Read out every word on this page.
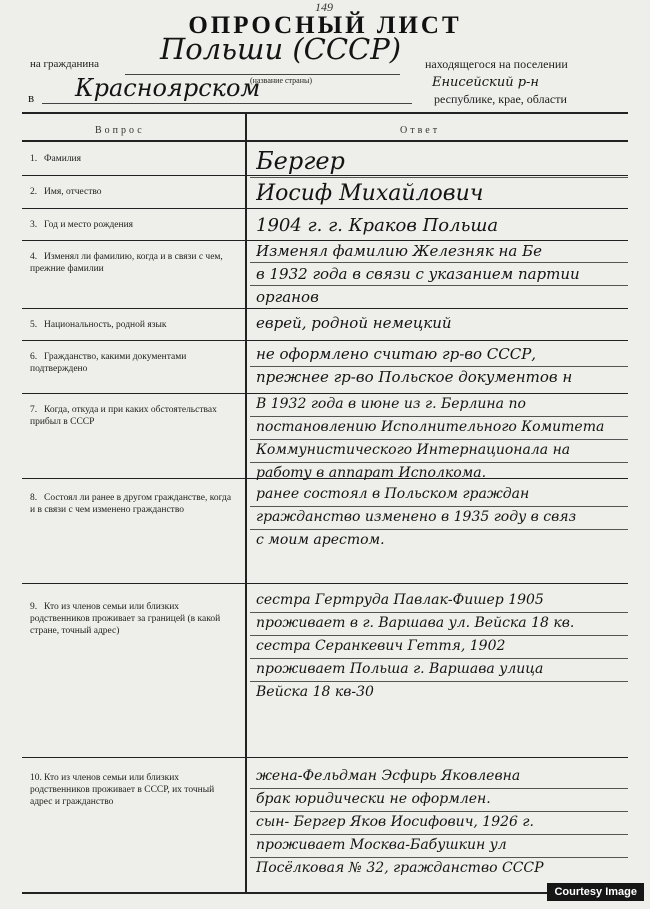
149
ОПРОСНЫЙ ЛИСТ
на гражданина Польши (СССР)
(название страны)
находящегося на поселении
Енисейский р-н
в Красноярском	республике, крае, области
Вопрос	Ответ
1. Фамилия
2. Имя, отчество
3. Год и место рождения
4. Изменял ли фамилию, когда и в связи с чем, прежние фамилии
5. Национальность, родной язык
6. Гражданство, какими документами подтверждено
7. Когда, откуда и при каких обстоятельствах прибыл в СССР
8. Состоял ли ранее в другом гражданстве, когда и в связи с чем изменено гражданство
9. Кто из членов семьи или близких родственников проживает за границей (в какой стране, точный адрес)
10. Кто из членов семьи или близких родственников проживает в СССР, их точный адрес и гражданство
Бергер
Иосиф Михайлович
1904 г. г. Краков Польша
Изменял фамилию Железняк на Бе
в 1932 года в связи с указанием партии
органов
еврей, родной немецкий
не оформлено считаю гр-во СССР,
прежнее гр-во Польское документов н
В 1932 года в июне из г. Берлина по
постановлению Исполнительного Комитета
Коммунистического Интернационала на
работу в аппарат Исполкома.
ранее состоял в Польском граждан
гражданство изменено в 1935 году в связ
с моим арестом.
сестра Гертруда Павлак-Фишер 1905
проживает в г. Варшава ул. Вейска 18 кв.
сестра Серанкевич Геття, 1902
проживает Польша г. Варшава улица
Вейска 18 кв-30
жена-Фельдман Эсфирь Яковлевна
брак юридически не оформлен.
сын- Бергер Яков Иосифович, 1926 г.
проживает Москва-Бабушкин ул
Посёлковая № 32, гражданство СССР
Courtesy Image
